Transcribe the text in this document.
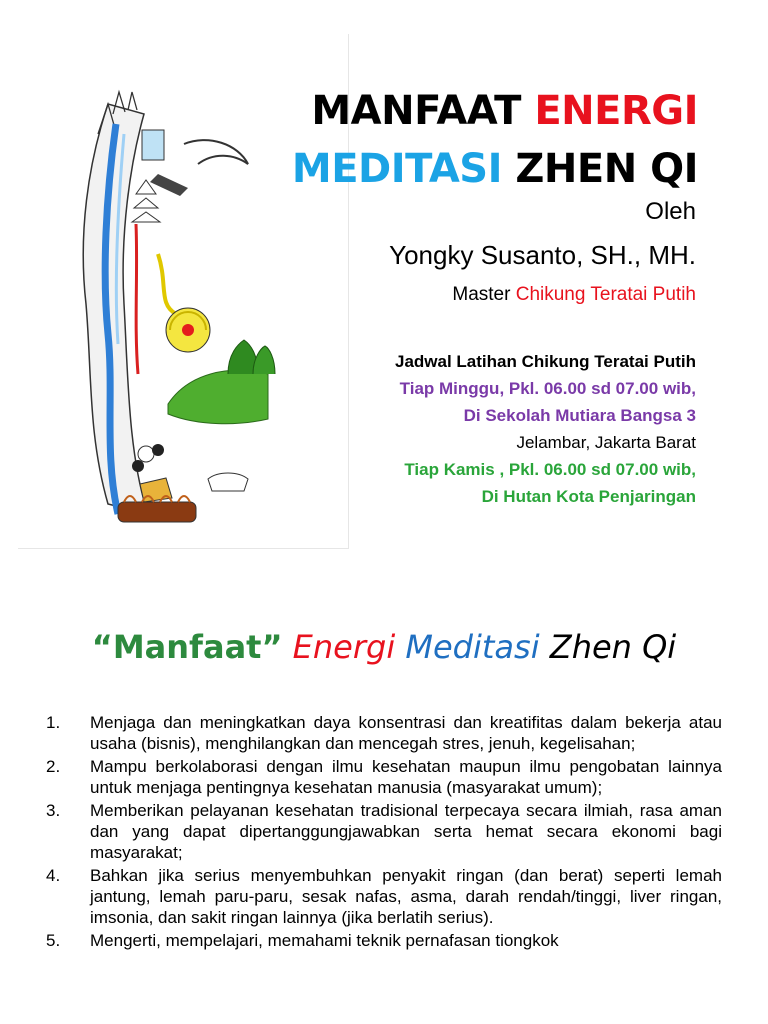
MANFAAT ENERGI
MEDITASI ZHEN QI
Oleh
Yongky Susanto, SH., MH.
Master Chikung Teratai Putih
Jadwal Latihan Chikung Teratai Putih
Tiap Minggu, Pkl. 06.00 sd 07.00 wib,
Di Sekolah Mutiara Bangsa 3
Jelambar, Jakarta Barat
Tiap Kamis , Pkl. 06.00 sd 07.00 wib,
Di Hutan Kota Penjaringan
“Manfaat” Energi Meditasi Zhen Qi
1.	Menjaga dan meningkatkan daya konsentrasi dan kreatifitas dalam bekerja atau usaha (bisnis), menghilangkan dan mencegah stres, jenuh, kegelisahan;
2.	Mampu berkolaborasi dengan ilmu kesehatan maupun ilmu pengobatan lainnya untuk menjaga pentingnya kesehatan manusia (masyarakat umum);
3.	Memberikan pelayanan kesehatan tradisional terpecaya secara ilmiah, rasa aman dan yang dapat dipertanggungjawabkan serta hemat secara ekonomi bagi masyarakat;
4.	Bahkan jika serius menyembuhkan penyakit ringan (dan berat) seperti lemah jantung, lemah paru-paru, sesak nafas, asma, darah rendah/tinggi, liver ringan, imsonia, dan sakit ringan lainnya (jika berlatih serius).
5.	Mengerti, mempelajari, memahami teknik pernafasan tiongkok
